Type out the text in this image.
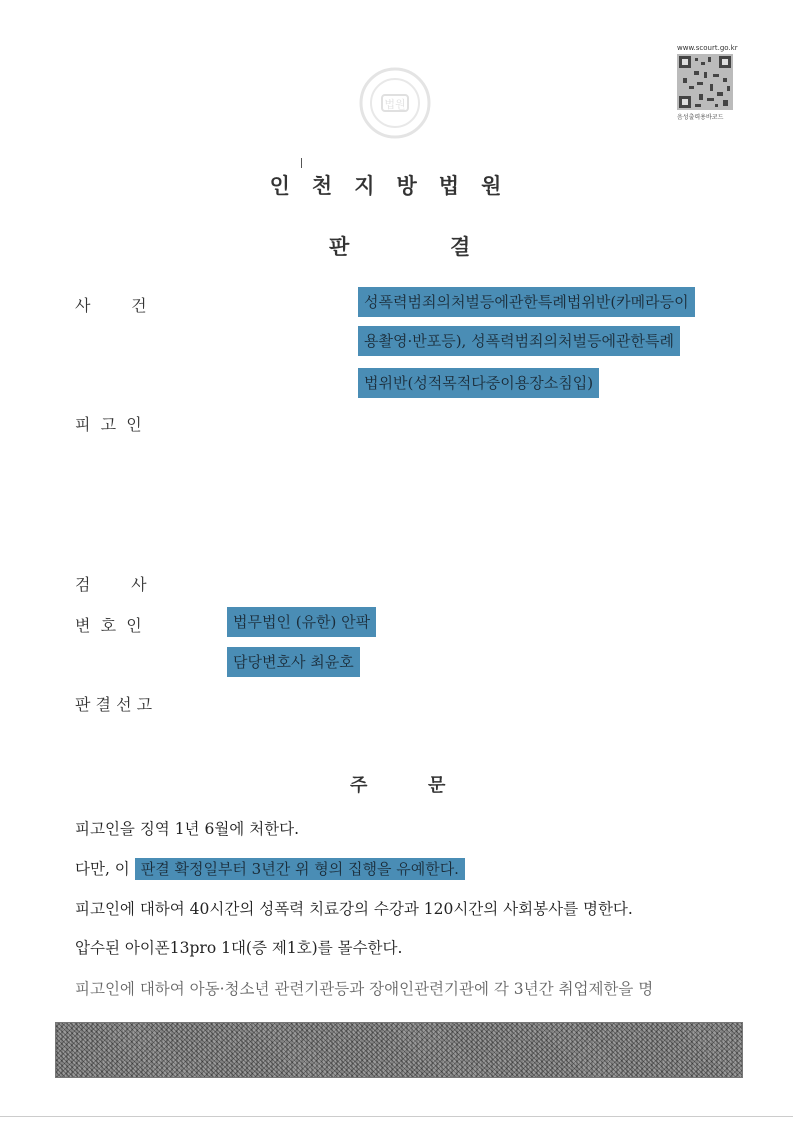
www.scourt.go.kr
음성출력용바코드
법원
인천지방법원
판	결
사        건	성폭력범죄의처벌등에관한특례법위반(카메라등이
용촬영·반포등), 성폭력범죄의처벌등에관한특례
법위반(성적목적다중이용장소침입)
피  고  인
검        사
변  호  인	법무법인 (유한) 안팍
담당변호사 최윤호
판 결 선 고
주	문
피고인을 징역 1년 6월에 처한다.
다만, 이 판결 확정일부터 3년간 위 형의 집행을 유예한다.
피고인에 대하여 40시간의 성폭력 치료강의 수강과 120시간의 사회봉사를 명한다.
압수된 아이폰13pro 1대(증 제1호)를 몰수한다.
피고인에 대하여 아동·청소년 관련기관등과 장애인관련기관에 각 3년간 취업제한을 명
